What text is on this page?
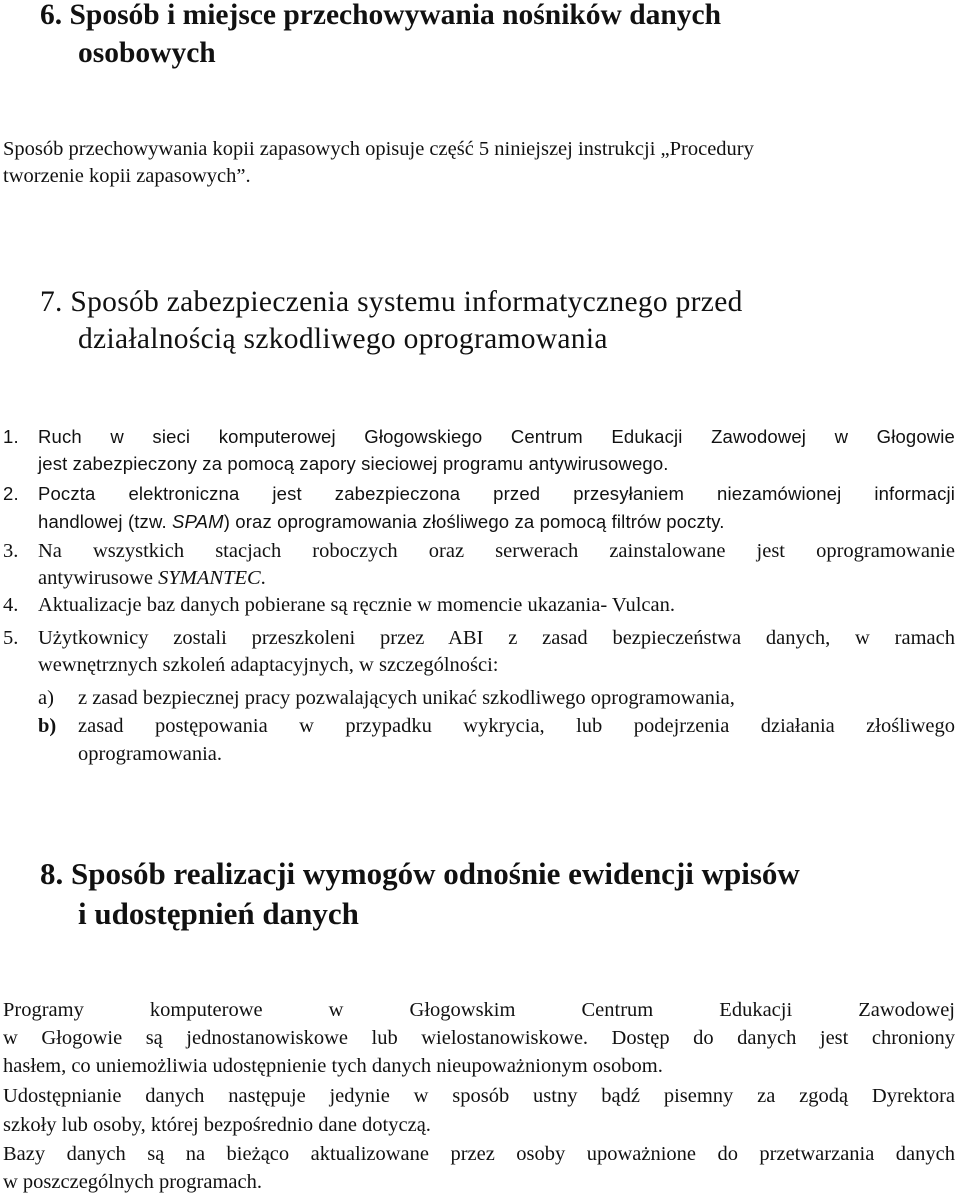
6. Sposób i miejsce przechowywania nośników danych
osobowych
Sposób przechowywania kopii zapasowych opisuje część 5 niniejszej instrukcji „Procedury
tworzenie kopii zapasowych”.
7. Sposób zabezpieczenia systemu informatycznego przed
działalnością szkodliwego oprogramowania
1. Ruch w sieci komputerowej Głogowskiego Centrum Edukacji Zawodowej w Głogowie
jest zabezpieczony za pomocą zapory sieciowej programu antywirusowego.
2. Poczta elektroniczna jest zabezpieczona przed przesyłaniem niezamówionej informacji
handlowej (tzw. SPAM) oraz oprogramowania złośliwego za pomocą filtrów poczty.
3. Na wszystkich stacjach roboczych oraz serwerach zainstalowane jest oprogramowanie
antywirusowe SYMANTEC.
4. Aktualizacje baz danych pobierane są ręcznie w momencie ukazania- Vulcan.
5. Użytkownicy zostali przeszkoleni przez ABI z zasad bezpieczeństwa danych, w ramach
wewnętrznych szkoleń adaptacyjnych, w szczególności:
a) z zasad bezpiecznej pracy pozwalających unikać szkodliwego oprogramowania,
b) zasad postępowania w przypadku wykrycia, lub podejrzenia działania złośliwego
oprogramowania.
8. Sposób realizacji wymogów odnośnie ewidencji wpisów
i udostępnień danych
Programy komputerowe w Głogowskim Centrum Edukacji Zawodowej
w Głogowie są jednostanowiskowe lub wielostanowiskowe. Dostęp do danych jest chroniony
hasłem, co uniemożliwia udostępnienie tych danych nieupoważnionym osobom.
Udostępnianie danych następuje jedynie w sposób ustny bądź pisemny za zgodą Dyrektora
szkoły lub osoby, której bezpośrednio dane dotyczą.
Bazy danych są na bieżąco aktualizowane przez osoby upoważnione do przetwarzania danych
w poszczególnych programach.
